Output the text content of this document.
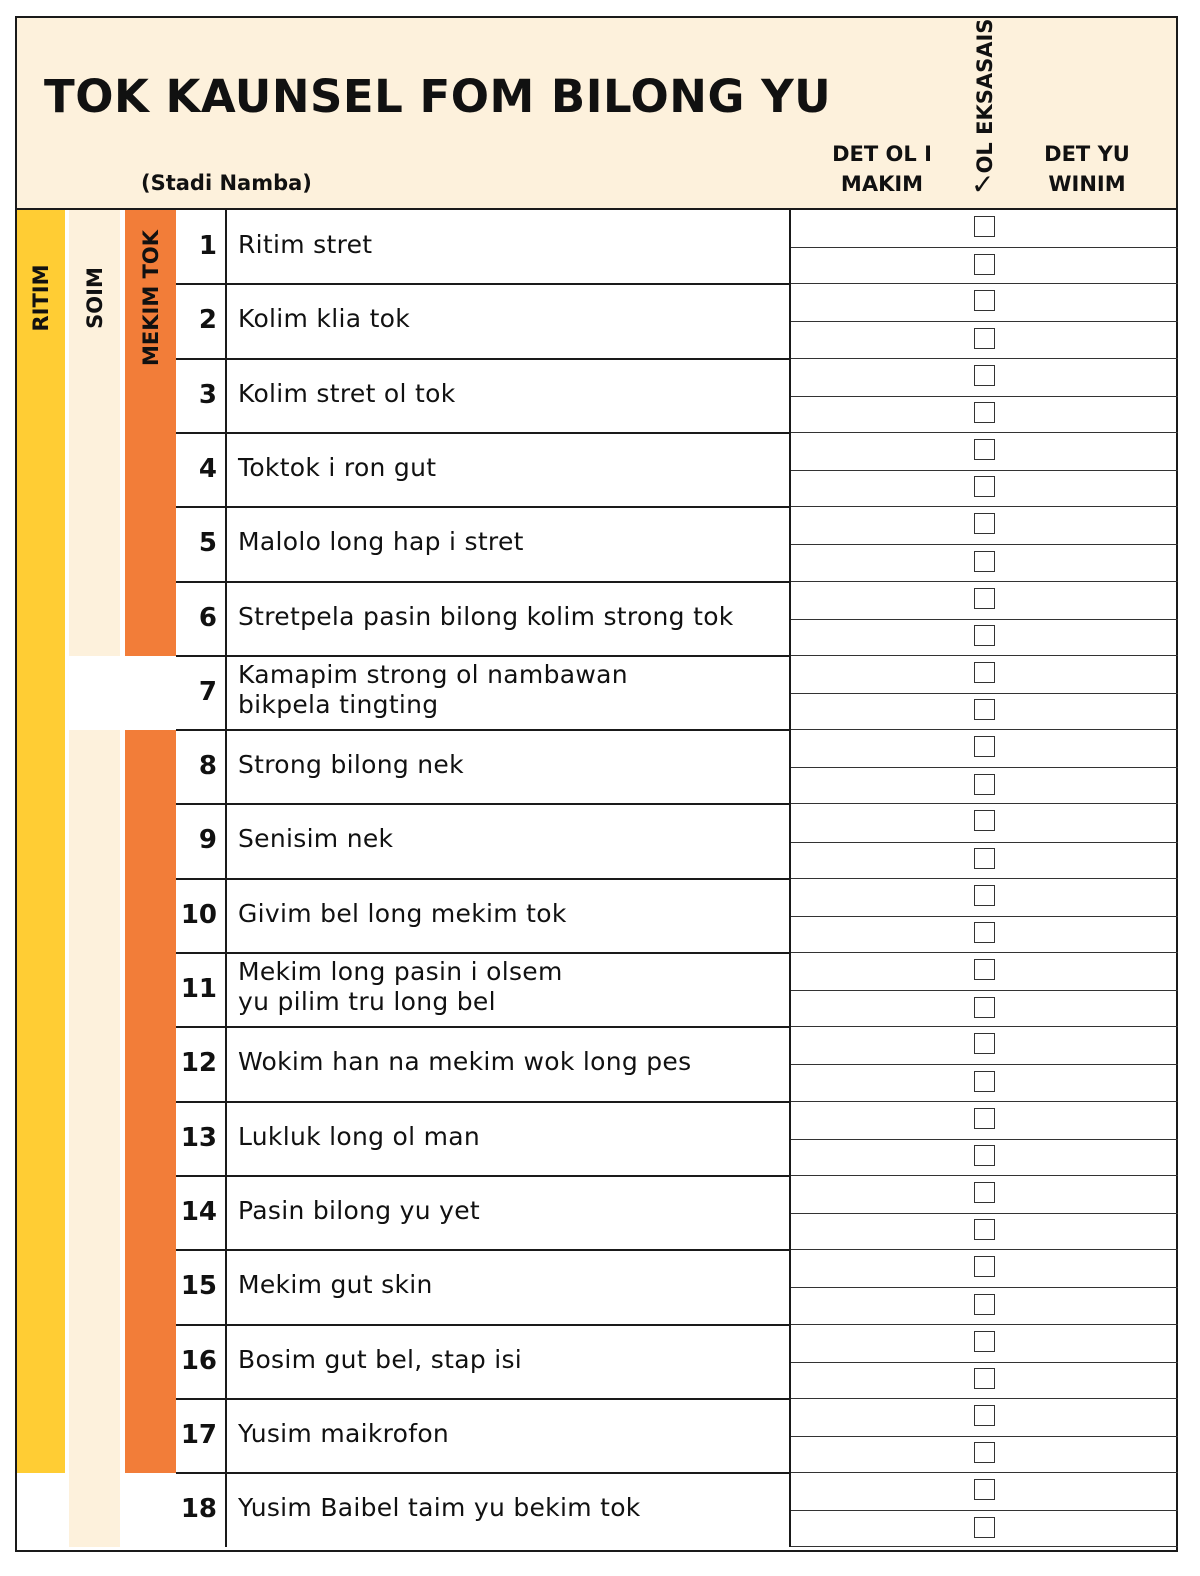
TOK KAUNSEL FOM BILONG YU
(Stadi Namba)
DET OL I
MAKIM
OL EKSASAIS
✓
DET YU
WINIM
RITIM SOIM MEKIM TOK	1 Ritim stret
2 Kolim klia tok
3 Kolim stret ol tok
4 Toktok i ron gut
5 Malolo long hap i stret
6 Stretpela pasin bilong kolim strong tok
7
Kamapim strong ol nambawan
bikpela tingting
8 Strong bilong nek
9 Senisim nek
10 Givim bel long mekim tok
11
Mekim long pasin i olsem
yu pilim tru long bel
12 Wokim han na mekim wok long pes
13 Lukluk long ol man
14 Pasin bilong yu yet
15 Mekim gut skin
16 Bosim gut bel, stap isi
17 Yusim maikrofon
18 Yusim Baibel taim yu bekim tok
